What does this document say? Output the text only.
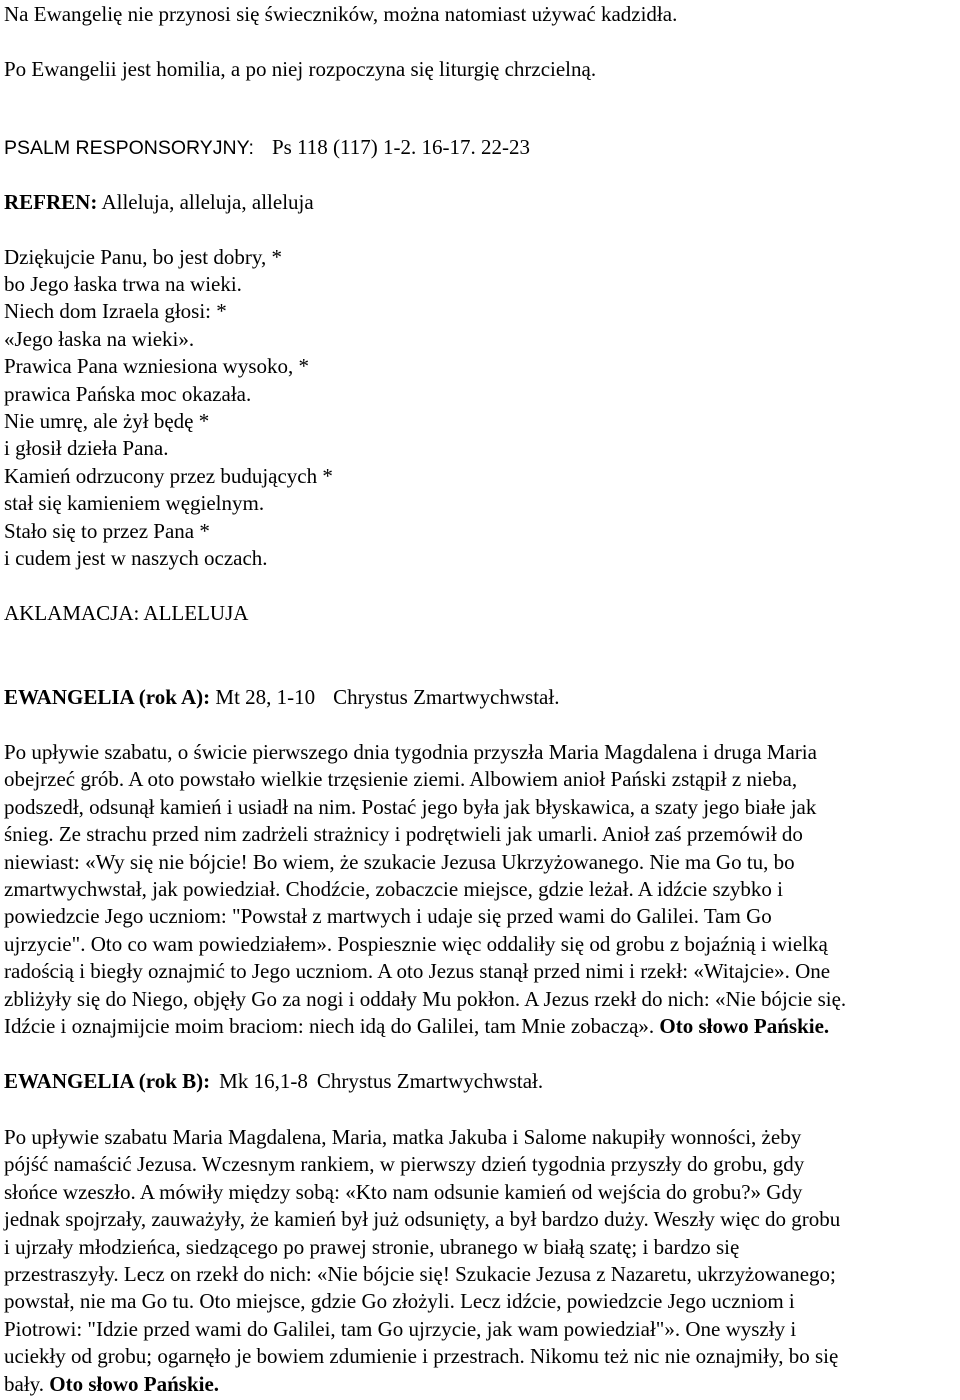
Na Ewangelię nie przynosi się świeczników, można natomiast używać kadzidła.
Po Ewangelii jest homilia, a po niej rozpoczyna się liturgię chrzcielną.
PSALM RESPONSORYJNY: Ps 118 (117) 1-2. 16-17. 22-23
REFREN: Alleluja, alleluja, alleluja
Dziękujcie Panu, bo jest dobry, *
bo Jego łaska trwa na wieki.
Niech dom Izraela głosi: *
«Jego łaska na wieki».
Prawica Pana wzniesiona wysoko, *
prawica Pańska moc okazała.
Nie umrę, ale żył będę *
i głosił dzieła Pana.
Kamień odrzucony przez budujących *
stał się kamieniem węgielnym.
Stało się to przez Pana *
i cudem jest w naszych oczach.
AKLAMACJA: ALLELUJA
EWANGELIA (rok A): Mt 28, 1-10 Chrystus Zmartwychwstał.
Po upływie szabatu, o świcie pierwszego dnia tygodnia przyszła Maria Magdalena i druga Maria
obejrzeć grób. A oto powstało wielkie trzęsienie ziemi. Albowiem anioł Pański zstąpił z nieba,
podszedł, odsunął kamień i usiadł na nim. Postać jego była jak błyskawica, a szaty jego białe jak
śnieg. Ze strachu przed nim zadrżeli strażnicy i podrętwieli jak umarli. Anioł zaś przemówił do
niewiast: «Wy się nie bójcie! Bo wiem, że szukacie Jezusa Ukrzyżowanego. Nie ma Go tu, bo
zmartwychwstał, jak powiedział. Chodźcie, zobaczcie miejsce, gdzie leżał. A idźcie szybko i
powiedzcie Jego uczniom: "Powstał z martwych i udaje się przed wami do Galilei. Tam Go
ujrzycie". Oto co wam powiedziałem». Pospiesznie więc oddaliły się od grobu z bojaźnią i wielką
radością i biegły oznajmić to Jego uczniom. A oto Jezus stanął przed nimi i rzekł: «Witajcie». One
zbliżyły się do Niego, objęły Go za nogi i oddały Mu pokłon. A Jezus rzekł do nich: «Nie bójcie się.
Idźcie i oznajmijcie moim braciom: niech idą do Galilei, tam Mnie zobaczą». Oto słowo Pańskie.
EWANGELIA (rok B): Mk 16,1-8 Chrystus Zmartwychwstał.
Po upływie szabatu Maria Magdalena, Maria, matka Jakuba i Salome nakupiły wonności, żeby
pójść namaścić Jezusa. Wczesnym rankiem, w pierwszy dzień tygodnia przyszły do grobu, gdy
słońce wzeszło. A mówiły między sobą: «Kto nam odsunie kamień od wejścia do grobu?» Gdy
jednak spojrzały, zauważyły, że kamień był już odsunięty, a był bardzo duży. Weszły więc do grobu
i ujrzały młodzieńca, siedzącego po prawej stronie, ubranego w białą szatę; i bardzo się
przestraszyły. Lecz on rzekł do nich: «Nie bójcie się! Szukacie Jezusa z Nazaretu, ukrzyżowanego;
powstał, nie ma Go tu. Oto miejsce, gdzie Go złożyli. Lecz idźcie, powiedzcie Jego uczniom i
Piotrowi: "Idzie przed wami do Galilei, tam Go ujrzycie, jak wam powiedział"». One wyszły i
uciekły od grobu; ogarnęło je bowiem zdumienie i przestrach. Nikomu też nic nie oznajmiły, bo się
bały. Oto słowo Pańskie.
